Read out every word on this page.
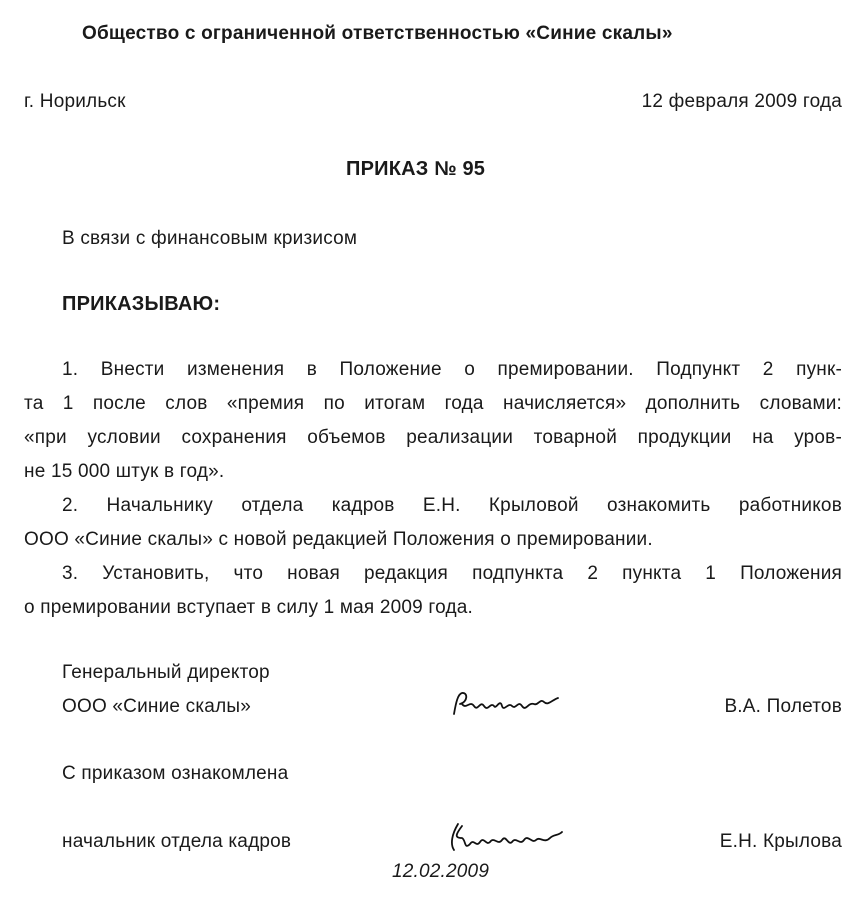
Общество с ограниченной ответственностью «Синие скалы»
г. Норильск	12 февраля 2009 года
ПРИКАЗ № 95
В связи с финансовым кризисом
ПРИКАЗЫВАЮ:
1. Внести изменения в Положение о премировании. Подпункт 2 пунк-
та 1 после слов «премия по итогам года начисляется» дополнить словами:
«при условии сохранения объемов реализации товарной продукции на уров-
не 15 000 штук в год».
2. Начальнику отдела кадров Е.Н. Крыловой ознакомить работников
ООО «Синие скалы» с новой редакцией Положения о премировании.
3. Установить, что новая редакция подпункта 2 пункта 1 Положения
о премировании вступает в силу 1 мая 2009 года.
Генеральный директор
ООО «Синие скалы»	В.А. Полетов
С приказом ознакомлена
начальник отдела кадров	Е.Н. Крылова
12.02.2009
